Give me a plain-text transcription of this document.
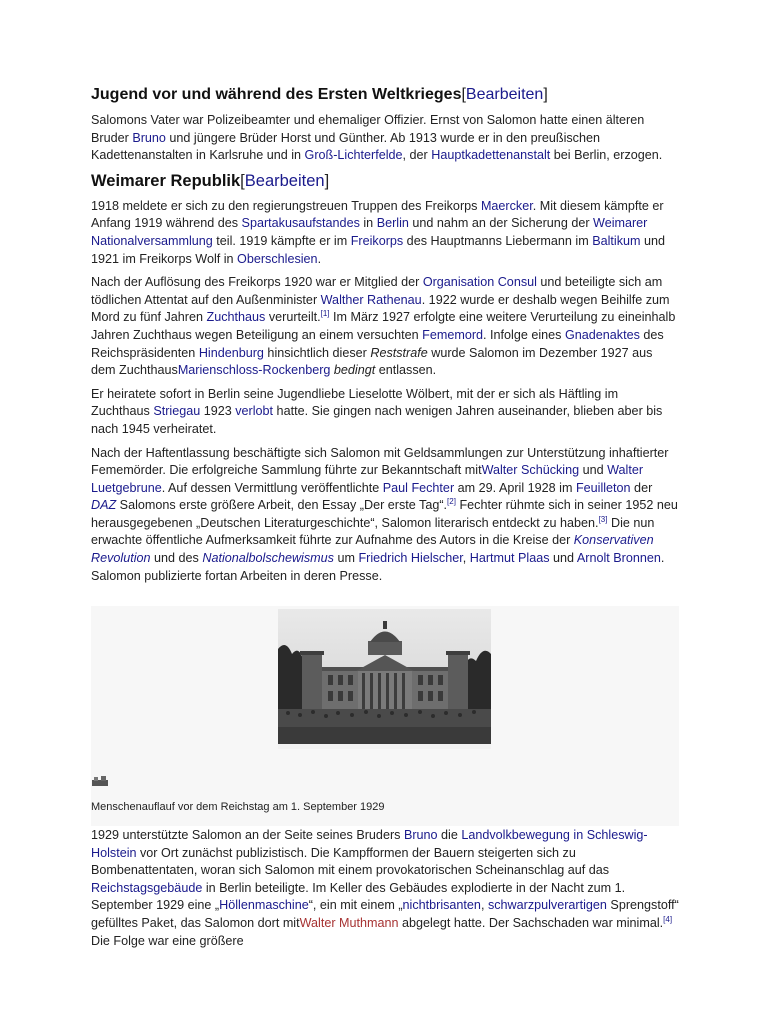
Jugend vor und während des Ersten Weltkrieges[Bearbeiten]

Salomons Vater war Polizeibeamter und ehemaliger Offizier. Ernst von Salomon hatte einen älteren Bruder Bruno und jüngere Brüder Horst und Günther. Ab 1913 wurde er in den preußischen Kadettenanstalten in Karlsruhe und in Groß-Lichterfelde, der Hauptkadettenanstalt bei Berlin, erzogen.

Weimarer Republik[Bearbeiten]

1918 meldete er sich zu den regierungstreuen Truppen des Freikorps Maercker. Mit diesem kämpfte er Anfang 1919 während des Spartakusaufstandes in Berlin und nahm an der Sicherung der Weimarer Nationalversammlung teil. 1919 kämpfte er im Freikorps des Hauptmanns Liebermann im Baltikum und 1921 im Freikorps Wolf in Oberschlesien.

Nach der Auflösung des Freikorps 1920 war er Mitglied der Organisation Consul und beteiligte sich am tödlichen Attentat auf den Außenminister Walther Rathenau. 1922 wurde er deshalb wegen Beihilfe zum Mord zu fünf Jahren Zuchthaus verurteilt.[1] Im März 1927 erfolgte eine weitere Verurteilung zu eineinhalb Jahren Zuchthaus wegen Beteiligung an einem versuchten Fememord. Infolge eines Gnadenaktes des Reichspräsidenten Hindenburg hinsichtlich dieser Reststrafe wurde Salomon im Dezember 1927 aus dem ZuchthausMarienschloss-Rockenberg bedingt entlassen.

Er heiratete sofort in Berlin seine Jugendliebe Lieselotte Wölbert, mit der er sich als Häftling im Zuchthaus Striegau 1923 verlobt hatte. Sie gingen nach wenigen Jahren auseinander, blieben aber bis nach 1945 verheiratet.

Nach der Haftentlassung beschäftigte sich Salomon mit Geldsammlungen zur Unterstützung inhaftierter Fememörder. Die erfolgreiche Sammlung führte zur Bekanntschaft mitWalter Schücking und Walter Luetgebrune. Auf dessen Vermittlung veröffentlichte Paul Fechter am 29. April 1928 im Feuilleton der DAZ Salomons erste größere Arbeit, den Essay „Der erste Tag“.[2] Fechter rühmte sich in seiner 1952 neu herausgegebenen „Deutschen Literaturgeschichte“, Salomon literarisch entdeckt zu haben.[3] Die nun erwachte öffentliche Aufmerksamkeit führte zur Aufnahme des Autors in die Kreise der Konservativen Revolution und des Nationalbolschewismus um Friedrich Hielscher, Hartmut Plaas und Arnolt Bronnen. Salomon publizierte fortan Arbeiten in deren Presse.

Menschenauflauf vor dem Reichstag am 1. September 1929

1929 unterstützte Salomon an der Seite seines Bruders Bruno die Landvolkbewegung in Schleswig-Holstein vor Ort zunächst publizistisch. Die Kampfformen der Bauern steigerten sich zu Bombenattentaten, woran sich Salomon mit einem provokatorischen Scheinanschlag auf das Reichstagsgebäude in Berlin beteiligte. Im Keller des Gebäudes explodierte in der Nacht zum 1. September 1929 eine „Höllenmaschine“, ein mit einem „nichtbrisanten, schwarzpulverartigen Sprengstoff“ gefülltes Paket, das Salomon dort mitWalter Muthmann abgelegt hatte. Der Sachschaden war minimal.[4] Die Folge war eine größere
